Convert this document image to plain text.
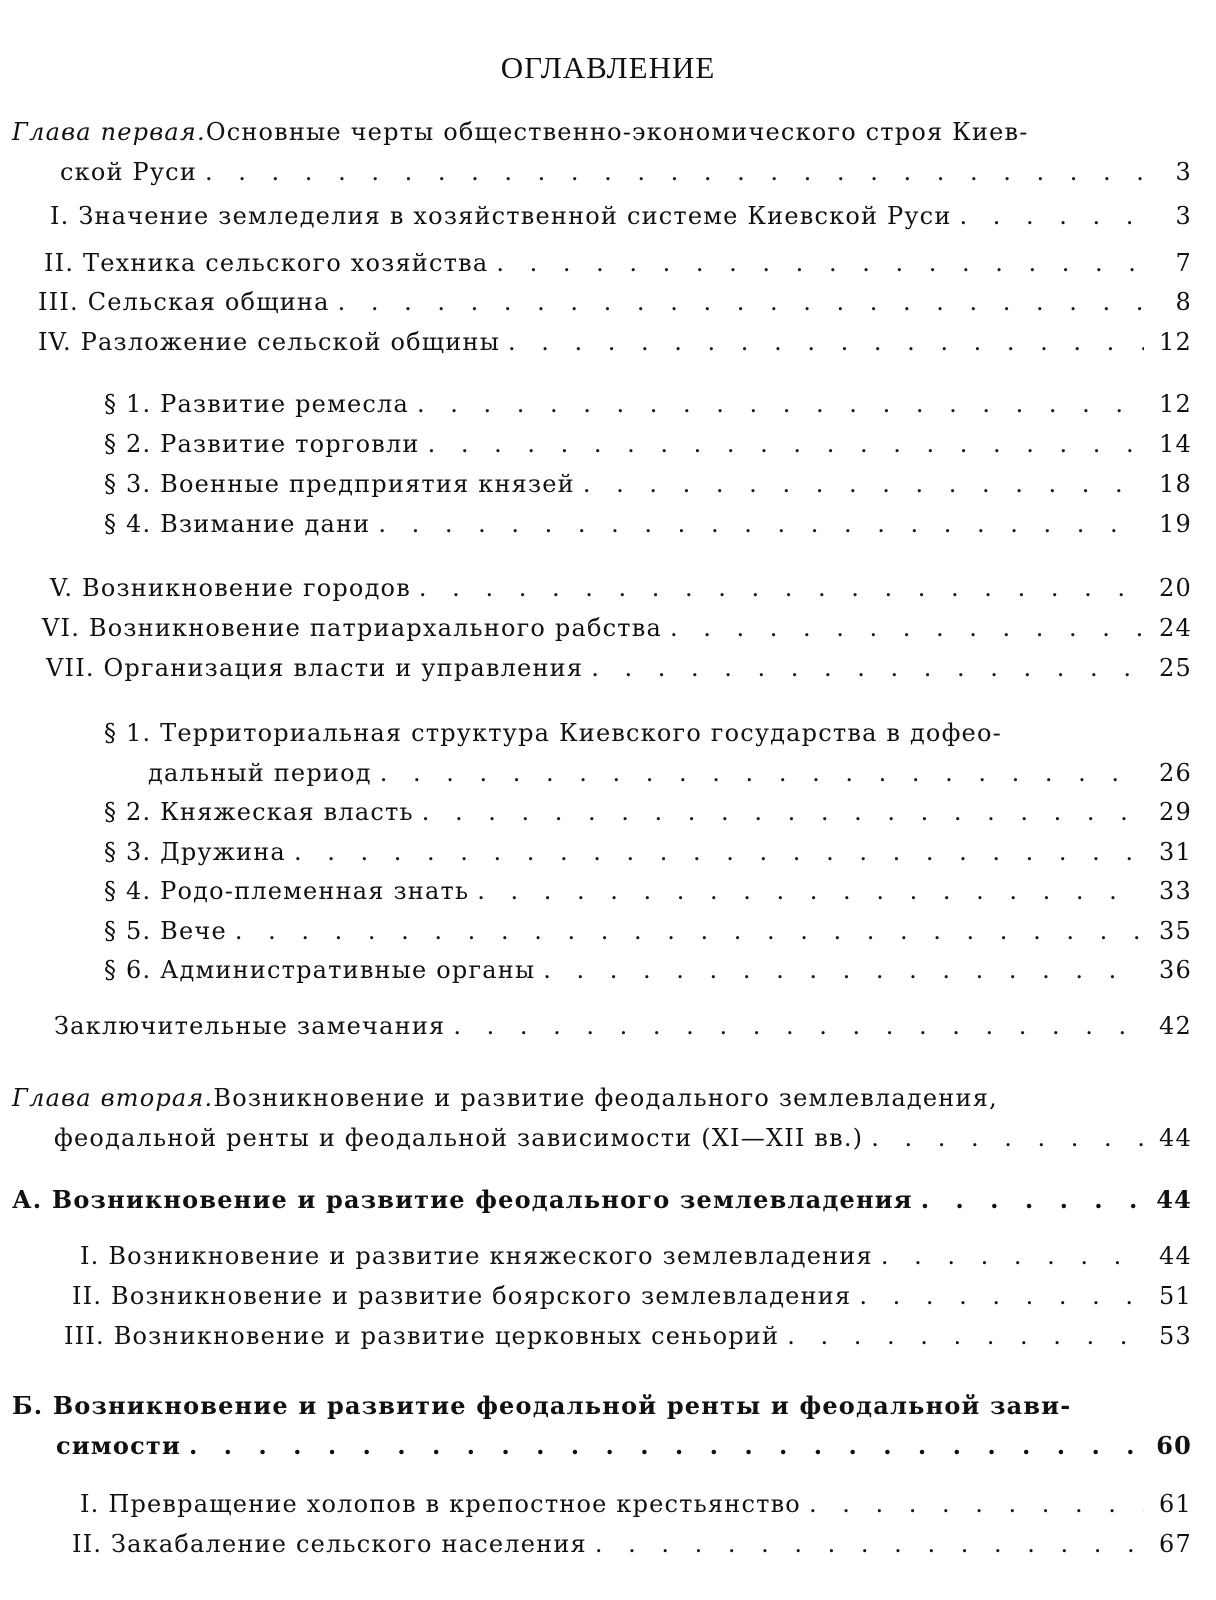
ОГЛАВЛЕНИЕ
Глава первая. Основные черты общественно-экономического строя Киев-
ской Руси . . .	3
I. Значение земледелия в хозяйственной системе Киевской Руси . . .	3
II. Техника сельского хозяйства . . .	7
III. Сельская община . . .	8
IV. Разложение сельской общины . . .	12
§ 1. Развитие ремесла . . .	12
§ 2. Развитие торговли . . .	14
§ 3. Военные предприятия князей . . .	18
§ 4. Взимание дани . . .	19
V. Возникновение городов . . .	20
VI. Возникновение патриархального рабства . . .	24
VII. Организация власти и управления . . .	25
§ 1. Территориальная структура Киевского государства в дофео-
дальный период . . .	26
§ 2. Княжеская власть . . .	29
§ 3. Дружина . . .	31
§ 4. Родо-племенная знать . . .	33
§ 5. Вече . . .	35
§ 6. Административные органы . . .	36
Заключительные замечания . . .	42
Глава вторая. Возникновение и развитие феодального землевладения,
феодальной ренты и феодальной зависимости (XI—XII вв.) . . .	44
А. Возникновение и развитие феодального землевладения . . .	44
I. Возникновение и развитие княжеского землевладения . . .	44
II. Возникновение и развитие боярского землевладения . . .	51
III. Возникновение и развитие церковных сеньорий . . .	53
Б. Возникновение и развитие феодальной ренты и феодальной зави-
симости . . .	60
I. Превращение холопов в крепостное крестьянство . . .	61
II. Закабаление сельского населения . . .	67
